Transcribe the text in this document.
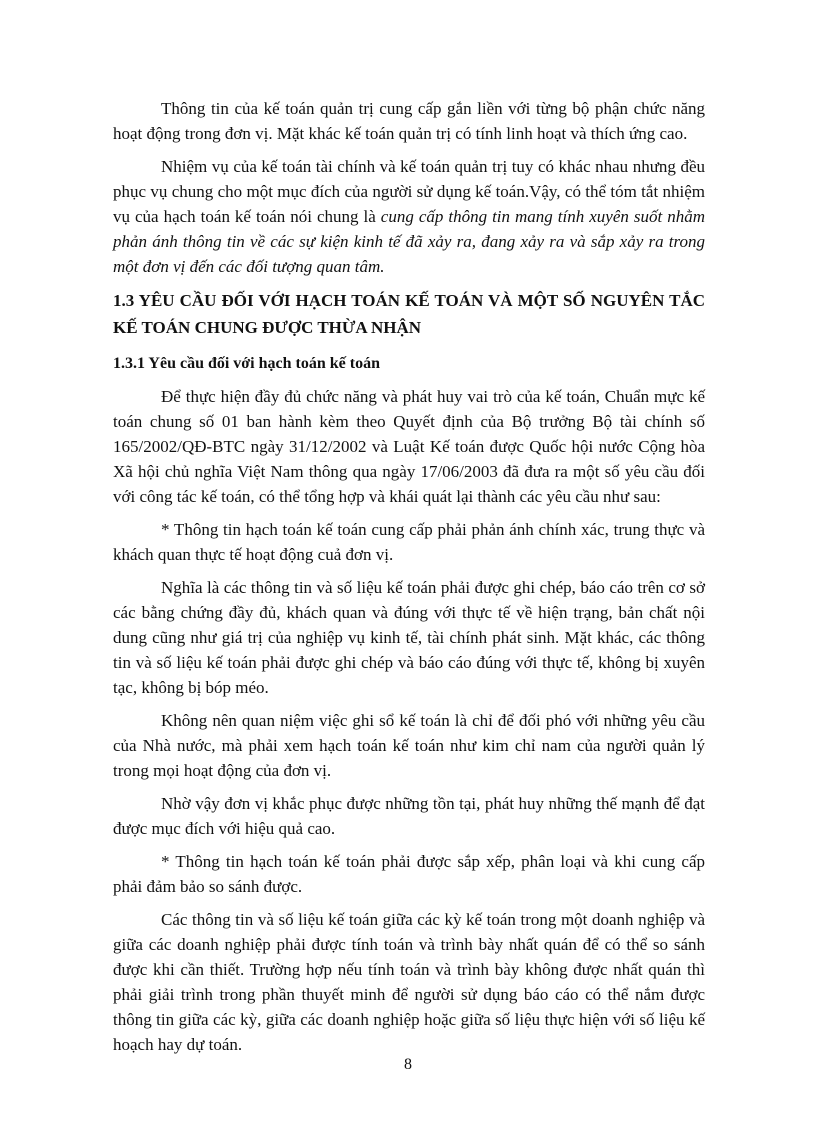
Thông tin của kế toán quản trị cung cấp gắn liền với từng bộ phận chức năng hoạt động trong đơn vị. Mặt khác kế toán quản trị có tính linh hoạt và thích ứng cao.

Nhiệm vụ của kế toán tài chính và kế toán quản trị tuy có khác nhau nhưng đều phục vụ chung cho một mục đích của người sử dụng kế toán.Vậy, có thể tóm tắt nhiệm vụ của hạch toán kế toán nói chung là cung cấp thông tin mang tính xuyên suốt nhằm phản ánh thông tin về các sự kiện kinh tế đã xảy ra, đang xảy ra và sắp xảy ra trong một đơn vị đến các đối tượng quan tâm.

1.3 YÊU CẦU ĐỐI VỚI HẠCH TOÁN KẾ TOÁN VÀ MỘT SỐ NGUYÊN TẮC KẾ TOÁN CHUNG ĐƯỢC THỪA NHẬN
1.3.1 Yêu cầu đối với hạch toán kế toán

Để thực hiện đầy đủ chức năng và phát huy vai trò của kế toán, Chuẩn mực kế toán chung số 01 ban hành kèm theo Quyết định của Bộ trưởng Bộ tài chính số 165/2002/QĐ-BTC ngày 31/12/2002 và Luật Kế toán được Quốc hội nước Cộng hòa Xã hội chủ nghĩa Việt Nam thông qua ngày 17/06/2003 đã đưa ra một số yêu cầu đối với công tác kế toán, có thể tổng hợp và khái quát lại thành các yêu cầu như sau:

* Thông tin hạch toán kế toán cung cấp phải phản ánh chính xác, trung thực và khách quan thực tế hoạt động cuả đơn vị.

Nghĩa là các thông tin và số liệu kế toán phải được ghi chép, báo cáo trên cơ sở các bằng chứng đầy đủ, khách quan và đúng với thực tế về hiện trạng, bản chất nội dung cũng như giá trị của nghiệp vụ kinh tế, tài chính phát sinh. Mặt khác, các thông tin và số liệu kế toán phải được ghi chép và báo cáo đúng với thực tế, không bị xuyên tạc, không bị bóp méo.

Không nên quan niệm việc ghi sổ kế toán là chỉ để đối phó với những yêu cầu của Nhà nước, mà phải xem hạch toán kế toán như kim chỉ nam của người quản lý trong mọi hoạt động của đơn vị.

Nhờ vậy đơn vị khắc phục được những tồn tại, phát huy những thế mạnh để đạt được mục đích với hiệu quả cao.

* Thông tin hạch toán kế toán phải được sắp xếp, phân loại và khi cung cấp phải đảm bảo so sánh được.

Các thông tin và số liệu kế toán giữa các kỳ kế toán trong một doanh nghiệp và giữa các doanh nghiệp phải được tính toán và trình bày nhất quán để có thể so sánh được khi cần thiết. Trường hợp nếu tính toán và trình bày không được nhất quán thì phải giải trình trong phần thuyết minh để người sử dụng báo cáo có thể nắm được thông tin giữa các kỳ, giữa các doanh nghiệp hoặc giữa số liệu thực hiện với số liệu kế hoạch hay dự toán.

8
